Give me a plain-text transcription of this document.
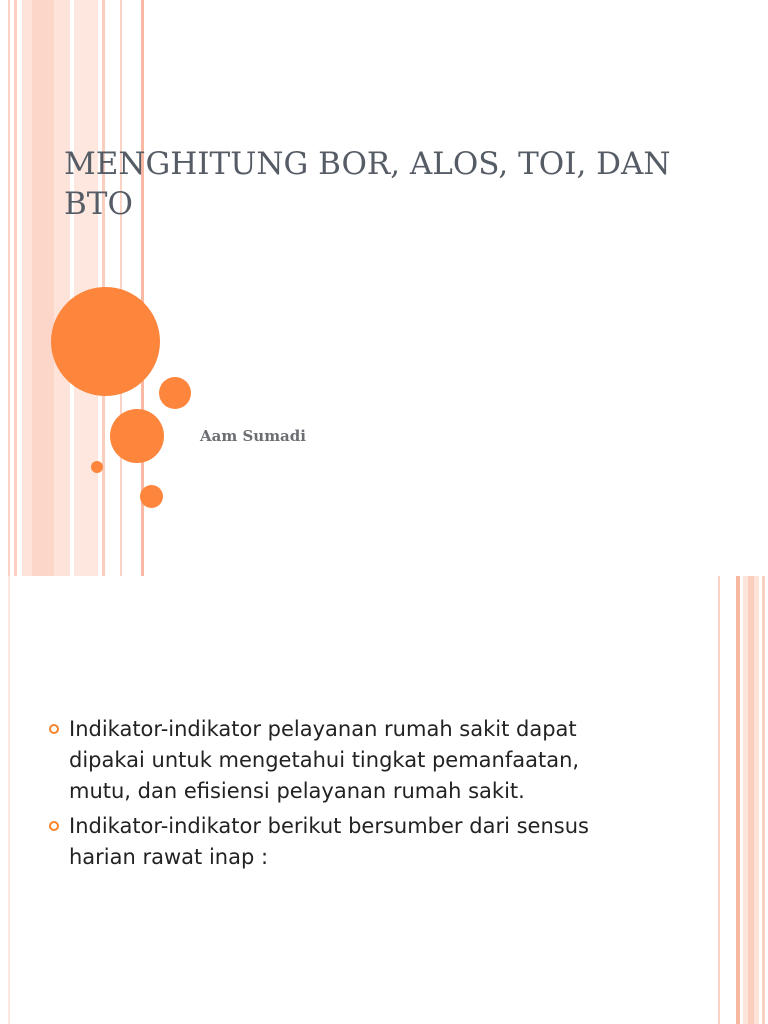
MENGHITUNG BOR, ALOS, TOI, DAN BTO
Aam Sumadi
Indikator-indikator pelayanan rumah sakit dapat dipakai untuk mengetahui tingkat pemanfaatan, mutu, dan efisiensi pelayanan rumah sakit.
Indikator-indikator berikut bersumber dari sensus harian rawat inap :
